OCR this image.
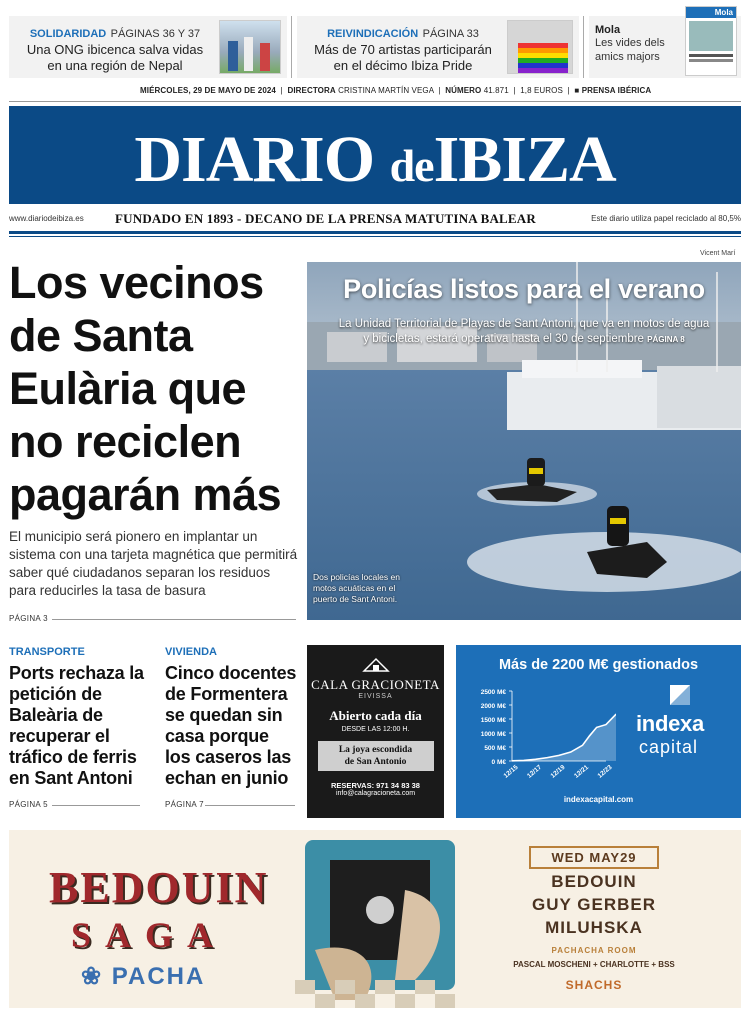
SOLIDARIDAD PÁGINAS 36 Y 37
Una ONG ibicenca salva vidas
en una región de Nepal
REIVINDICACIÓN PÁGINA 33
Más de 70 artistas participarán
en el décimo Ibiza Pride
Mola
Les vides dels
amics majors
Mola
MIÉRCOLES, 29 DE MAYO DE 2024  |  DIRECTORA CRISTINA MARTÍN VEGA  |  NÚMERO 41.871  |  1,8 EUROS  |  ■ PRENSA IBÉRICA
DIARIO deIBIZA
www.diariodeibiza.es FUNDADO EN 1893 - DECANO DE LA PRENSA MATUTINA BALEAR	Este diario utiliza papel reciclado al 80,5%
Los vecinos de Santa Eulària que no reciclen pagarán más
El municipio será pionero en implantar un sistema con una tarjeta magnética que permitirá saber qué ciudadanos separan los residuos para reducirles la tasa de basura
PÁGINA 3
Vicent Marí
Policías listos para el verano
La Unidad Territorial de Playas de Sant Antoni, que va en motos de agua y bicicletas, estará operativa hasta el 30 de septiembre PÁGINA 8
Dos policías locales en motos acuáticas en el puerto de Sant Antoni.
TRANSPORTE
Ports rechaza la petición de Baleària de recuperar el tráfico de ferris en Sant Antoni
PÁGINA 5
VIVIENDA
Cinco docentes de Formentera se quedan sin casa porque los caseros las echan en junio
PÁGINA 7
CALA GRACIONETA
EIVISSA
Abierto cada día
DESDE LAS 12:00 H.
La joya escondida
de San Antonio
RESERVAS: 971 34 83 38
info@calagracioneta.com
Más de 2200 M€ gestionados
0 M€
500 M€
1000 M€
1500 M€
2000 M€
2500 M€
12/15 12/17 12/19 12/21 12/23
indexa
capital
indexacapital.com
BEDOUIN
SAGA
❀ PACHA
WED MAY29
BEDOUIN
GUY GERBER
MILUHSKA
PACHACHA ROOM
PASCAL MOSCHENI + CHARLOTTE + BSS
SHACHS
